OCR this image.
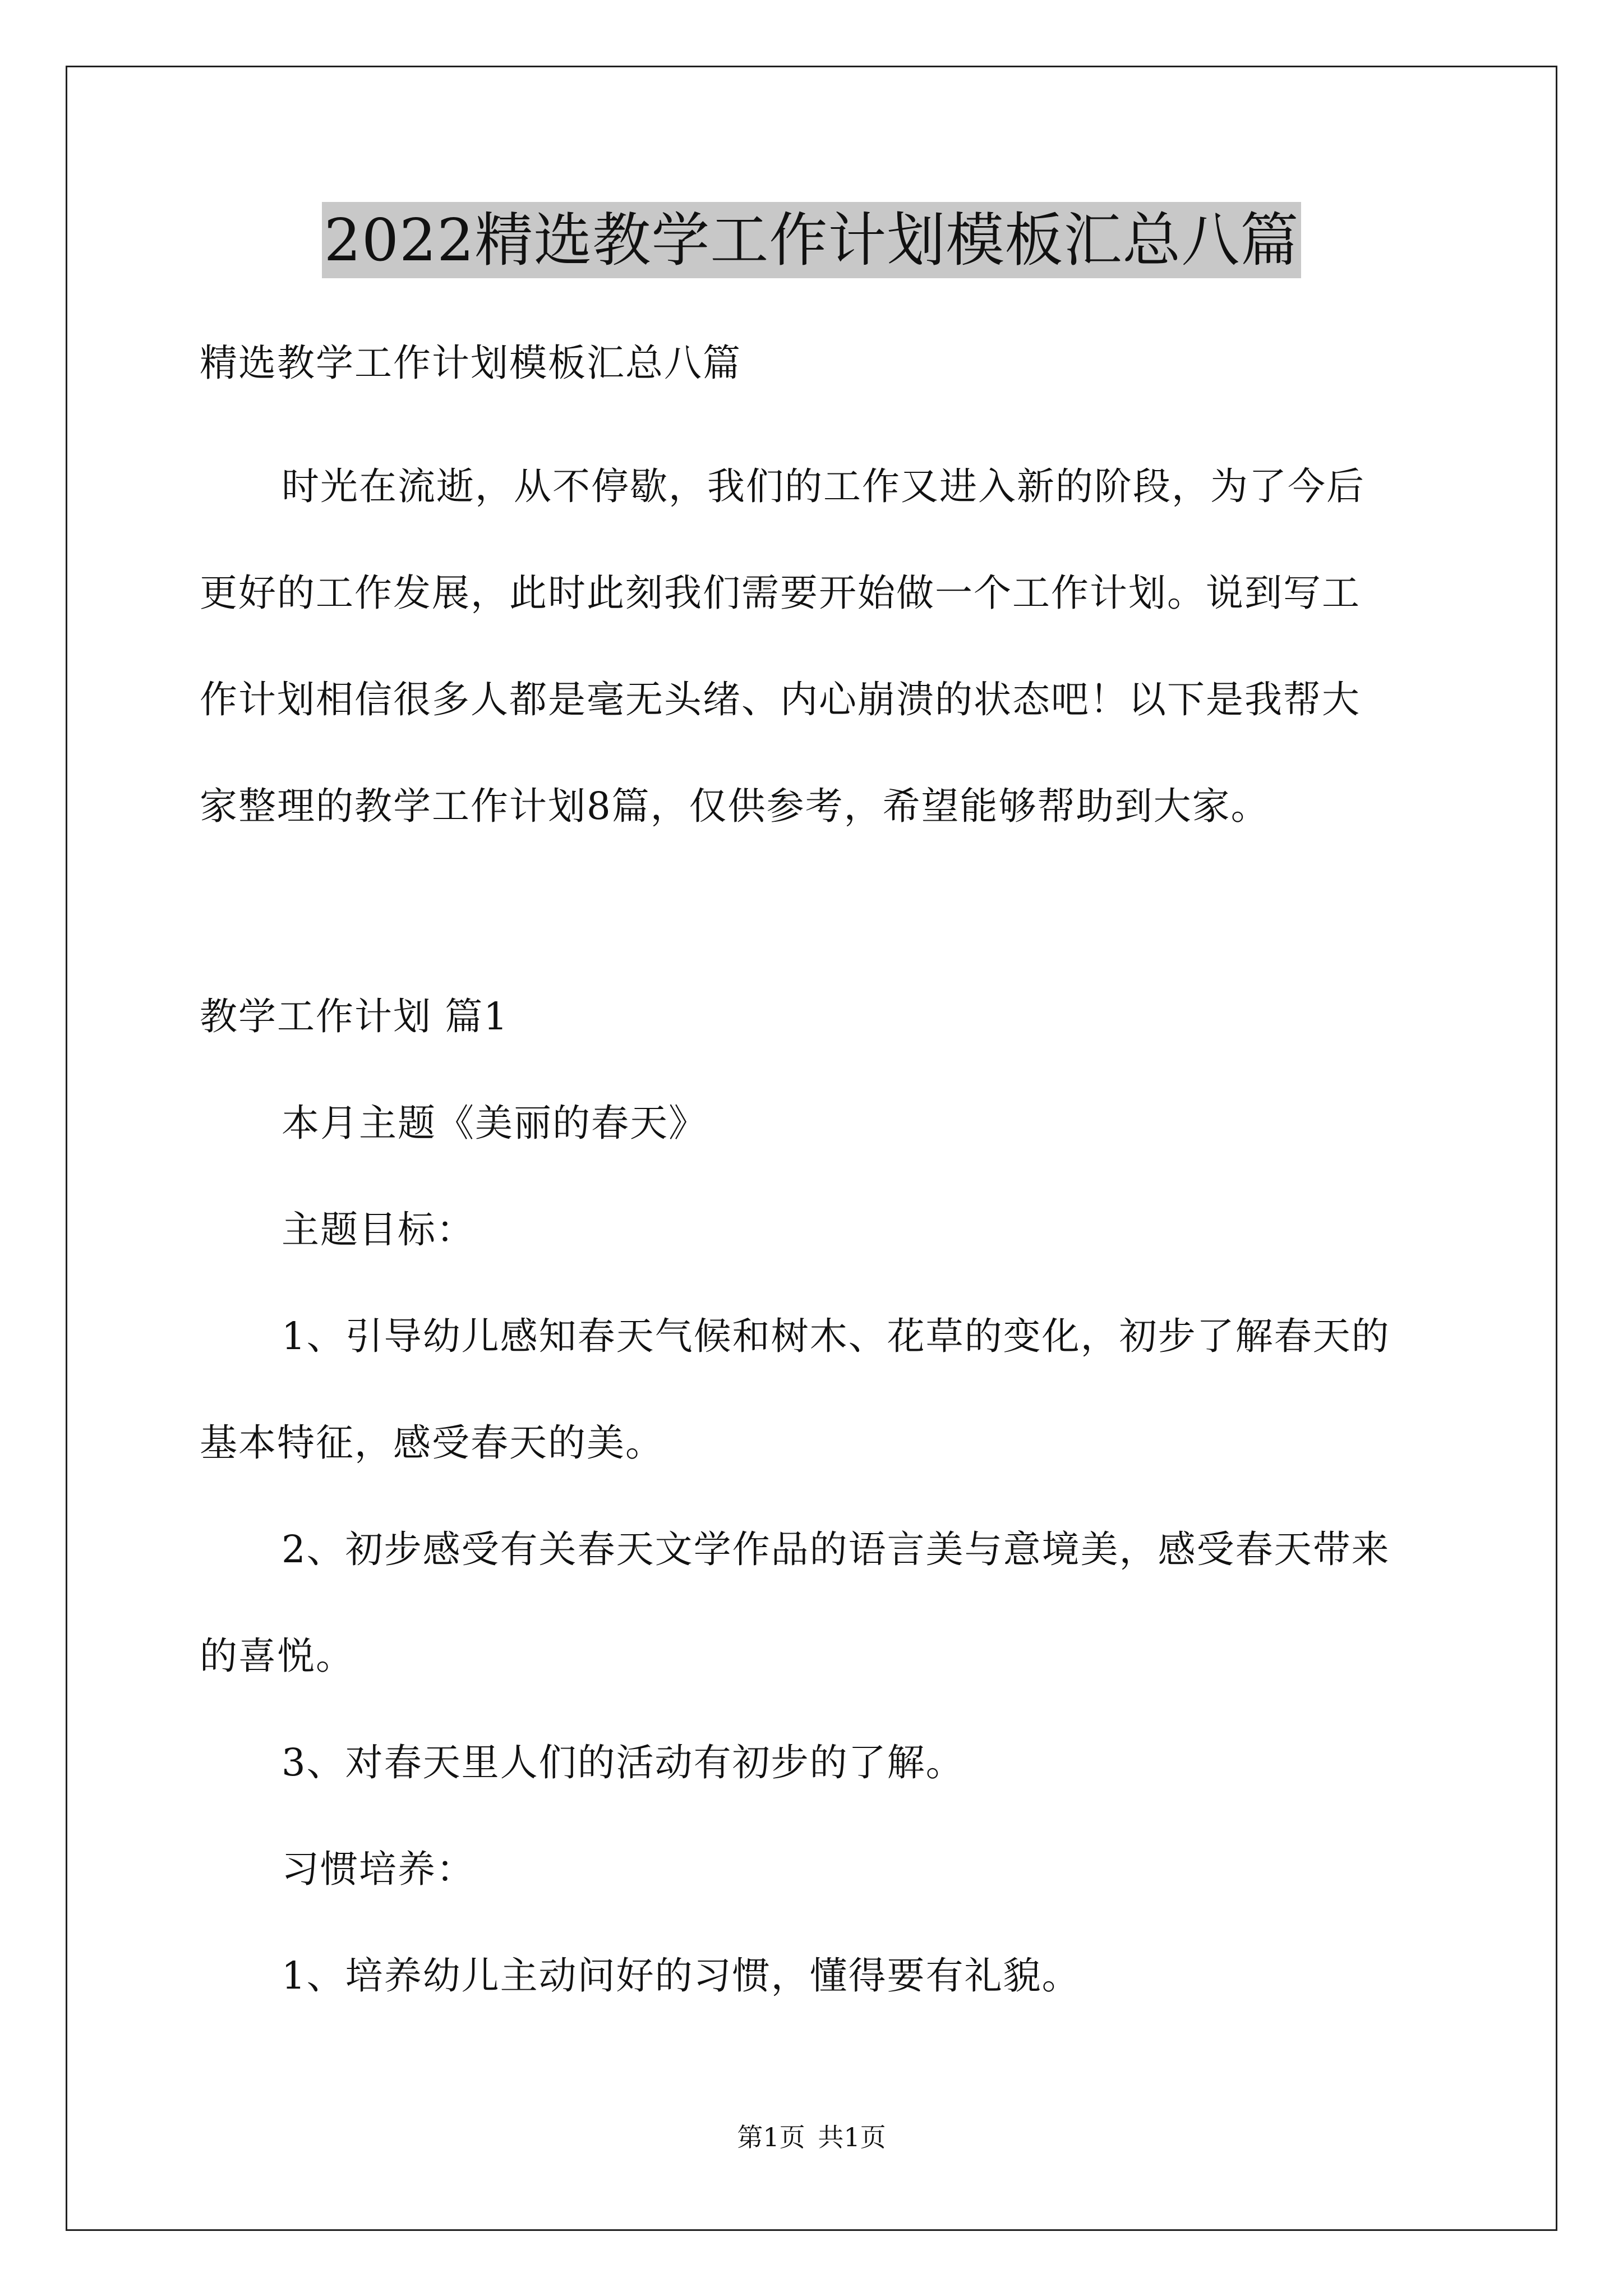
2022精选教学工作计划模板汇总八篇
精选教学工作计划模板汇总八篇
时光在流逝，从不停歇，我们的工作又进入新的阶段，为了今后
更好的工作发展，此时此刻我们需要开始做一个工作计划。说到写工
作计划相信很多人都是毫无头绪、内心崩溃的状态吧！以下是我帮大
家整理的教学工作计划8篇，仅供参考，希望能够帮助到大家。
教学工作计划 篇1
本月主题《美丽的春天》
主题目标：
1、引导幼儿感知春天气候和树木、花草的变化，初步了解春天的
基本特征，感受春天的美。
2、初步感受有关春天文学作品的语言美与意境美，感受春天带来
的喜悦。
3、对春天里人们的活动有初步的了解。
习惯培养：
1、培养幼儿主动问好的习惯，懂得要有礼貌。
第1页 共1页
